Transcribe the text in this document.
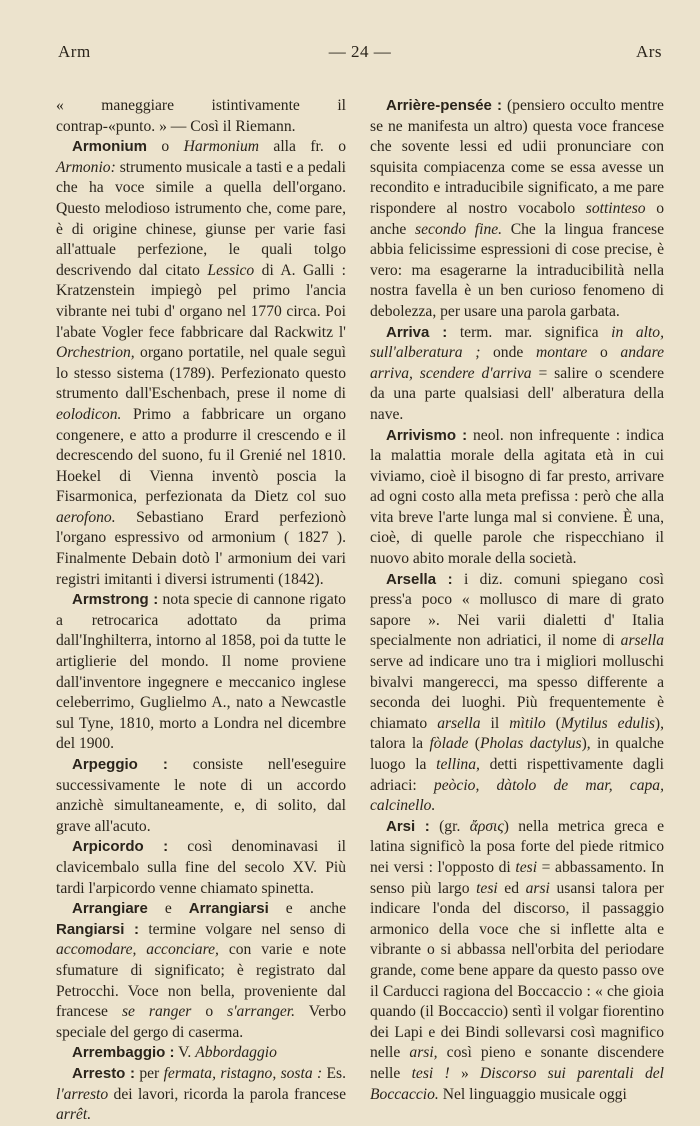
Arm	— 24 —	Ars

« maneggiare istintivamente il contrap-«punto. » — Così il Riemann.

Armonium o Harmonium alla fr. o Armonio: strumento musicale a tasti e a pedali che ha voce simile a quella dell'organo. Questo melodioso istrumento che, come pare, è di origine chinese, giunse per varie fasi all'attuale perfezione, le quali tolgo descrivendo dal citato Lessico di A. Galli : Kratzenstein impiegò pel primo l'ancia vibrante nei tubi d' organo nel 1770 circa. Poi l'abate Vogler fece fabbricare dal Rackwitz l' Orchestrion, organo portatile, nel quale seguì lo stesso sistema (1789). Perfezionato questo strumento dall'Eschenbach, prese il nome di eolodicon. Primo a fabbricare un organo congenere, e atto a produrre il crescendo e il decrescendo del suono, fu il Grenié nel 1810. Hoekel di Vienna inventò poscia la Fisarmonica, perfezionata da Dietz col suo aerofono. Sebastiano Erard perfezionò l'organo espressivo od armonium ( 1827 ). Finalmente Debain dotò l' armonium dei vari registri imitanti i diversi istrumenti (1842).

Armstrong : nota specie di cannone rigato a retrocarica adottato da prima dall'Inghilterra, intorno al 1858, poi da tutte le artiglierie del mondo. Il nome proviene dall'inventore ingegnere e meccanico inglese celeberrimo, Guglielmo A., nato a Newcastle sul Tyne, 1810, morto a Londra nel dicembre del 1900.

Arpeggio : consiste nell'eseguire successivamente le note di un accordo anzichè simultaneamente, e, di solito, dal grave all'acuto.

Arpicordo : così denominavasi il clavicembalo sulla fine del secolo XV. Più tardi l'arpicordo venne chiamato spinetta.

Arrangiare e Arrangiarsi e anche Rangiarsi : termine volgare nel senso di accomodare, acconciare, con varie e note sfumature di significato; è registrato dal Petrocchi. Voce non bella, proveniente dal francese se ranger o s'arranger. Verbo speciale del gergo di caserma.

Arrembaggio : V. Abbordaggio

Arresto : per fermata, ristagno, sosta : Es. l'arresto dei lavori, ricorda la parola francese arrêt.

Arrière-pensée : (pensiero occulto mentre se ne manifesta un altro) questa voce francese che sovente lessi ed udii pronunciare con squisita compiacenza come se essa avesse un recondito e intraducibile significato, a me pare rispondere al nostro vocabolo sottinteso o anche secondo fine. Che la lingua francese abbia felicissime espressioni di cose precise, è vero: ma esagerarne la intraducibilità nella nostra favella è un ben curioso fenomeno di debolezza, per usare una parola garbata.

Arriva : term. mar. significa in alto, sull'alberatura ; onde montare o andare arriva, scendere d'arriva = salire o scendere da una parte qualsiasi dell' alberatura della nave.

Arrivismo : neol. non infrequente : indica la malattia morale della agitata età in cui viviamo, cioè il bisogno di far presto, arrivare ad ogni costo alla meta prefissa : però che alla vita breve l'arte lunga mal si conviene. È una, cioè, di quelle parole che rispecchiano il nuovo abito morale della società.

Arsella : i diz. comuni spiegano così press'a poco « mollusco di mare di grato sapore ». Nei varii dialetti d' Italia specialmente non adriatici, il nome di arsella serve ad indicare uno tra i migliori molluschi bivalvi mangerecci, ma spesso differente a seconda dei luoghi. Più frequentemente è chiamato arsella il mìtilo (Mytilus edulis), talora la fòlade (Pholas dactylus), in qualche luogo la tellina, detti rispettivamente dagli adriaci: peòcio, dàtolo de mar, capa, calcinello.

Arsi : (gr. ἄρσις) nella metrica greca e latina significò la posa forte del piede ritmico nei versi : l'opposto di tesi = abbassamento. In senso più largo tesi ed arsi usansi talora per indicare l'onda del discorso, il passaggio armonico della voce che si inflette alta e vibrante o si abbassa nell'orbita del periodare grande, come bene appare da questo passo ove il Carducci ragiona del Boccaccio : « che gioia quando (il Boccaccio) sentì il volgar fiorentino dei Lapi e dei Bindi sollevarsi così magnifico nelle arsi, così pieno e sonante discendere nelle tesi ! » Discorso sui parentali del Boccaccio. Nel linguaggio musicale oggi
